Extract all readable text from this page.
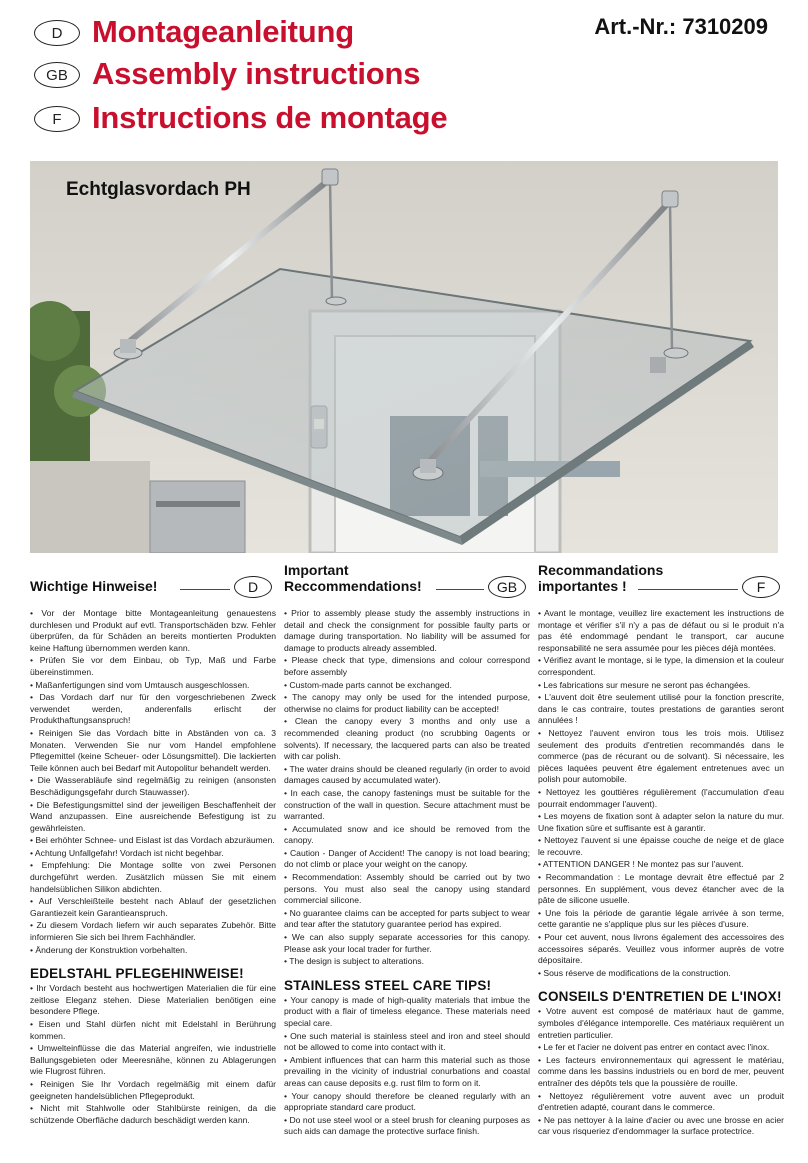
D Montageanleitung
GB Assembly instructions
F Instructions de montage
Art.-Nr.: 7310209
Echtglasvordach PH
Wichtige Hinweise!	D
• Vor der Montage bitte Montageanleitung genauestens durchlesen und Produkt auf evtl. Transportschäden bzw. Fehler überprüfen, da für Schäden an bereits montierten Produkten keine Haftung übernommen werden kann.
• Prüfen Sie vor dem Einbau, ob Typ, Maß und Farbe übereinstimmen.
• Maßanfertigungen sind vom Umtausch ausgeschlossen.
• Das Vordach darf nur für den vorgeschriebenen Zweck verwendet werden, anderenfalls erlischt der Produkthaftungsanspruch!
• Reinigen Sie das Vordach bitte in Abständen von ca. 3 Monaten. Verwenden Sie nur vom Handel empfohlene Pflegemittel (keine Scheuer- oder Lösungsmittel). Die lackierten Teile können auch bei Bedarf mit Autopolitur behandelt werden.
• Die Wasserabläufe sind regelmäßig zu reinigen (ansonsten Beschädigungsgefahr durch Stauwasser).
• Die Befestigungsmittel sind der jeweiligen Beschaffenheit der Wand anzupassen. Eine ausreichende Befestigung ist zu gewährleisten.
• Bei erhöhter Schnee- und Eislast ist das Vordach abzuräumen.
• Achtung Unfallgefahr! Vordach ist nicht begehbar.
• Empfehlung: Die Montage sollte von zwei Personen durchgeführt werden. Zusätzlich müssen Sie mit einem handelsüblichen Silikon abdichten.
• Auf Verschleißteile besteht nach Ablauf der gesetzlichen Garantiezeit kein Garantieanspruch.
• Zu diesem Vordach liefern wir auch separates Zubehör. Bitte informieren Sie sich bei Ihrem Fachhändler.
• Änderung der Konstruktion vorbehalten.
EDELSTAHL PFLEGEHINWEISE!
• Ihr Vordach besteht aus hochwertigen Materialien die für eine zeitlose Eleganz stehen. Diese Materialien benötigen eine besondere Pflege.
• Eisen und Stahl dürfen nicht mit Edelstahl in Berührung kommen.
• Umwelteinflüsse die das Material angreifen, wie industrielle Ballungsgebieten oder Meeresnähe, können zu Ablagerungen wie Flugrost führen.
• Reinigen Sie Ihr Vordach regelmäßig mit einem dafür geeigneten handelsüblichen Pflegeprodukt.
• Nicht mit Stahlwolle oder Stahlbürste reinigen, da die schützende Oberfläche dadurch beschädigt werden kann.
Important
Reccommendations!	GB
• Prior to assembly please study the assembly instructions in detail and check the consignment for possible faulty parts or damage during transportation. No liability will be assumed for damage to products already assembled.
• Please check that type, dimensions and colour correspond before assembly
• Custom-made parts cannot be exchanged.
• The canopy may only be used for the intended purpose, otherwise no claims for product liability can be accepted!
• Clean the canopy every 3 months and only use a recommended cleaning product (no scrubbing 0agents or solvents). If necessary, the lacquered parts can also be treated with car polish.
• The water drains should be cleaned regularly (in order to avoid damages caused by accumulated water).
• In each case, the canopy fastenings must be suitable for the construction of the wall in question. Secure attachment must be warranted.
• Accumulated snow and ice should be removed from the canopy.
• Caution - Danger of Accident! The canopy is not load bearing; do not climb or place your weight on the canopy.
• Recommendation: Assembly should be carried out by two persons. You must also seal the canopy using standard commercial silicone.
• No guarantee claims can be accepted for parts subject to wear and tear after the statutory guarantee period has expired.
• We can also supply separate accessories for this canopy. Please ask your local trader for further.
• The design is subject to alterations.
STAINLESS STEEL CARE TIPS!
• Your canopy is made of high-quality materials that imbue the product with a flair of timeless elegance. These materials need special care.
• One such material is stainless steel and iron and steel should not be allowed to come into contact with it.
• Ambient influences that can harm this material such as those prevailing in the vicinity of industrial conurbations and coastal areas can cause deposits e.g. rust film to form on it.
• Your canopy should therefore be cleaned regularly with an appropriate standard care product.
• Do not use steel wool or a steel brush for cleaning purposes as such aids can damage the protective surface finish.
Recommandations
importantes !	F
• Avant le montage, veuillez lire exactement les instructions de montage et vérifier s'il n'y a pas de défaut ou si le produit n'a pas été endommagé pendant le transport, car aucune responsabilité ne sera assumée pour les pièces déjà montées.
• Vérifiez avant le montage, si le type, la dimension et la couleur correspondent.
• Les fabrications sur mesure ne seront pas échangées.
• L'auvent doit être seulement utilisé pour la fonction prescrite, dans le cas contraire, toutes prestations de garanties seront annulées !
• Nettoyez l'auvent environ tous les trois mois. Utilisez seulement des produits d'entretien recommandés dans le commerce (pas de récurant ou de solvant). Si nécessaire, les pièces laquées peuvent être également entretenues avec un polish pour automobile.
• Nettoyez les gouttières régulièrement (l'accumulation d'eau pourrait endommager l'auvent).
• Les moyens de fixation sont à adapter selon la nature du mur. Une fixation sûre et suffisante est à garantir.
• Nettoyez l'auvent si une épaisse couche de neige et de glace le recouvre.
• ATTENTION DANGER ! Ne montez pas sur l'auvent.
• Recommandation : Le montage devrait être effectué par 2 personnes. En supplément, vous devez étancher avec de la pâte de silicone usuelle.
• Une fois la période de garantie légale arrivée à son terme, cette garantie ne s'applique plus sur les pièces d'usure.
• Pour cet auvent, nous livrons également des accessoires des accessoires séparés. Veuillez vous informer auprès de votre dépositaire.
• Sous réserve de modifications de la construction.
CONSEILS D'ENTRETIEN DE L'INOX!
• Votre auvent est composé de matériaux haut de gamme, symboles d'élégance intemporelle. Ces matériaux requièrent un entretien particulier.
• Le fer et l'acier ne doivent pas entrer en contact avec l'inox.
• Les facteurs environnementaux qui agressent le matériau, comme dans les bassins industriels ou en bord de mer, peuvent entraîner des dépôts tels que la poussière de rouille.
• Nettoyez régulièrement votre auvent avec un produit d'entretien adapté, courant dans le commerce.
• Ne pas nettoyer à la laine d'acier ou avec une brosse en acier car vous risqueriez d'endommager la surface protectrice.
